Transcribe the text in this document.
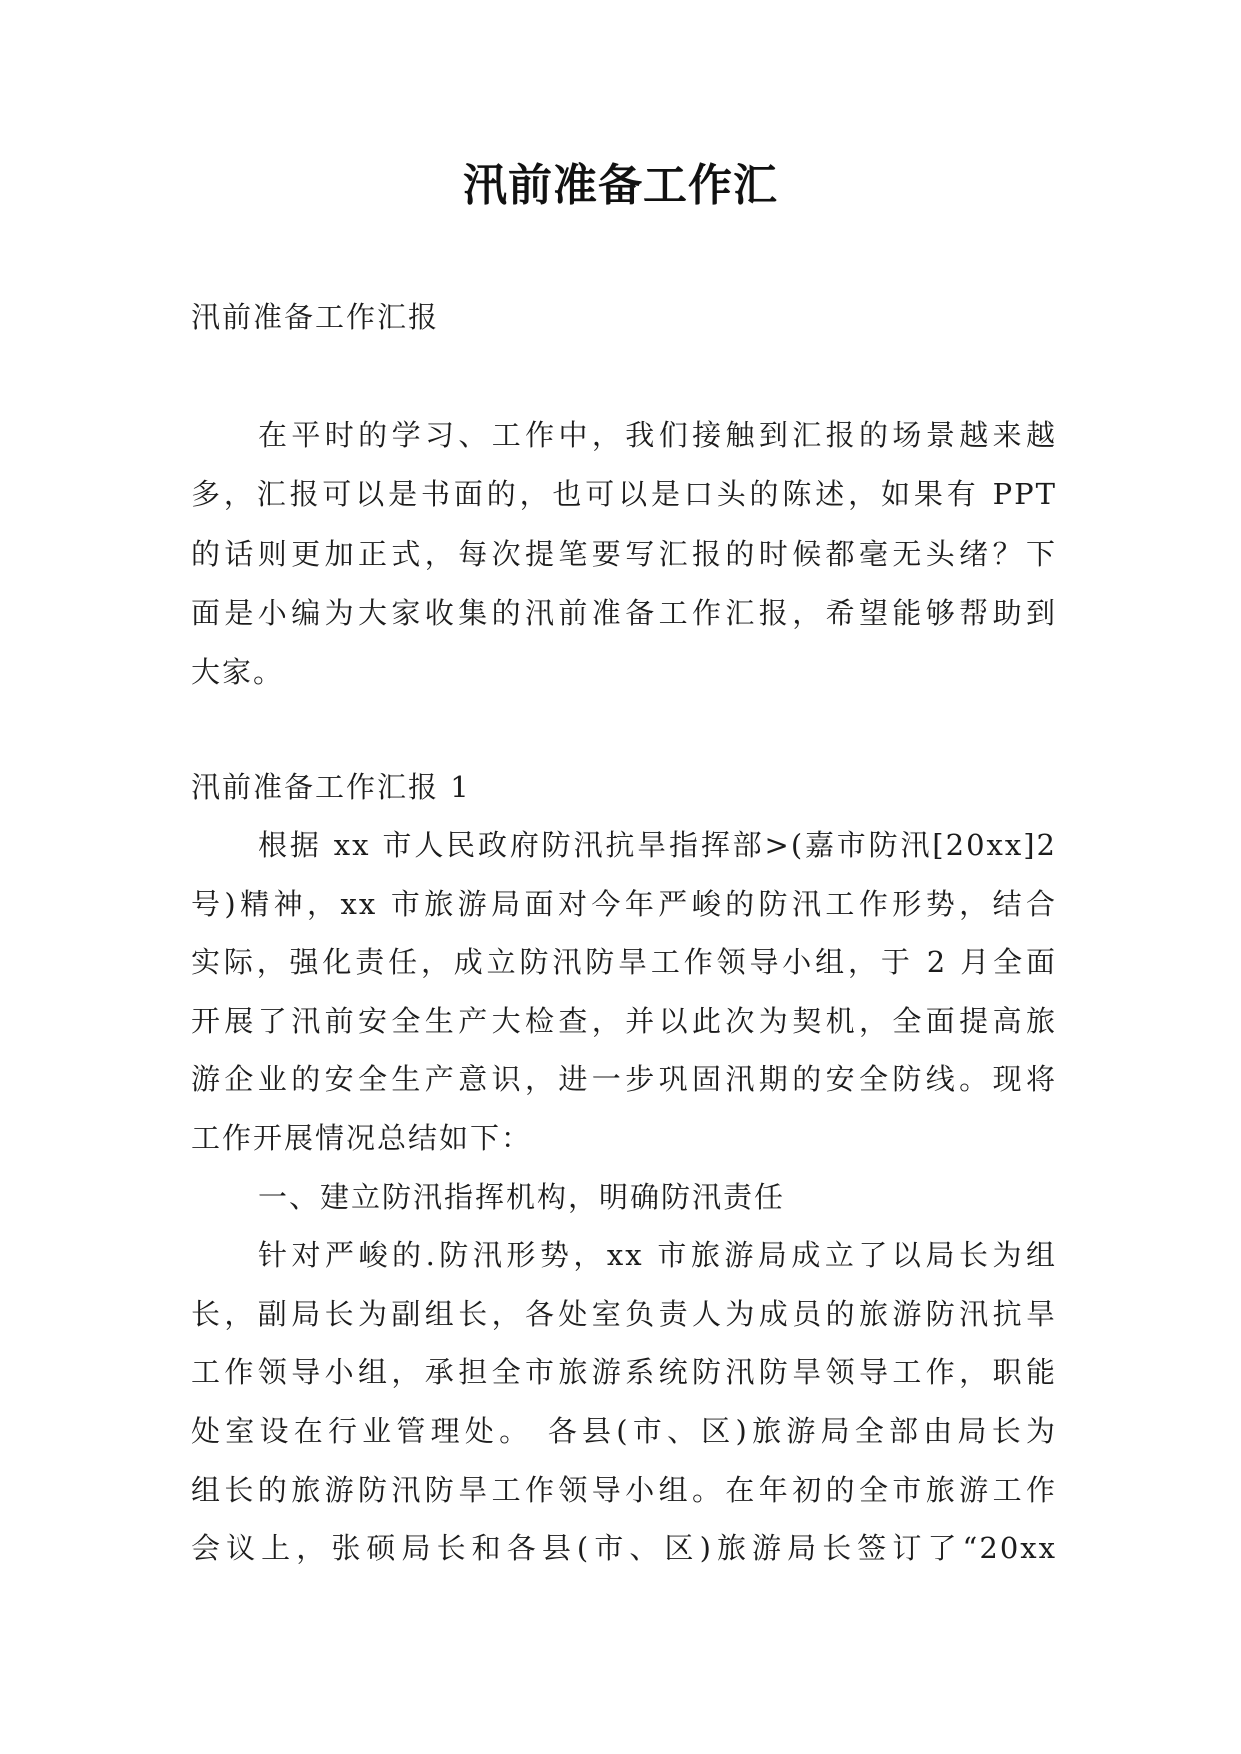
汛前准备工作汇
汛前准备工作汇报
在平时的学习、工作中，我们接触到汇报的场景越来越
多，汇报可以是书面的，也可以是口头的陈述，如果有 PPT
的话则更加正式，每次提笔要写汇报的时候都毫无头绪？下
面是小编为大家收集的汛前准备工作汇报，希望能够帮助到
大家。
汛前准备工作汇报 1
根据 xx 市人民政府防汛抗旱指挥部>(嘉市防汛[20xx]2
号)精神，xx 市旅游局面对今年严峻的防汛工作形势，结合
实际，强化责任，成立防汛防旱工作领导小组，于 2 月全面
开展了汛前安全生产大检查，并以此次为契机，全面提高旅
游企业的安全生产意识，进一步巩固汛期的安全防线。现将
工作开展情况总结如下：
一、建立防汛指挥机构，明确防汛责任
针对严峻的.防汛形势，xx 市旅游局成立了以局长为组
长，副局长为副组长，各处室负责人为成员的旅游防汛抗旱
工作领导小组，承担全市旅游系统防汛防旱领导工作，职能
处室设在行业管理处。 各县(市、区)旅游局全部由局长为
组长的旅游防汛防旱工作领导小组。在年初的全市旅游工作
会议上，张硕局长和各县(市、区)旅游局长签订了“20xx
